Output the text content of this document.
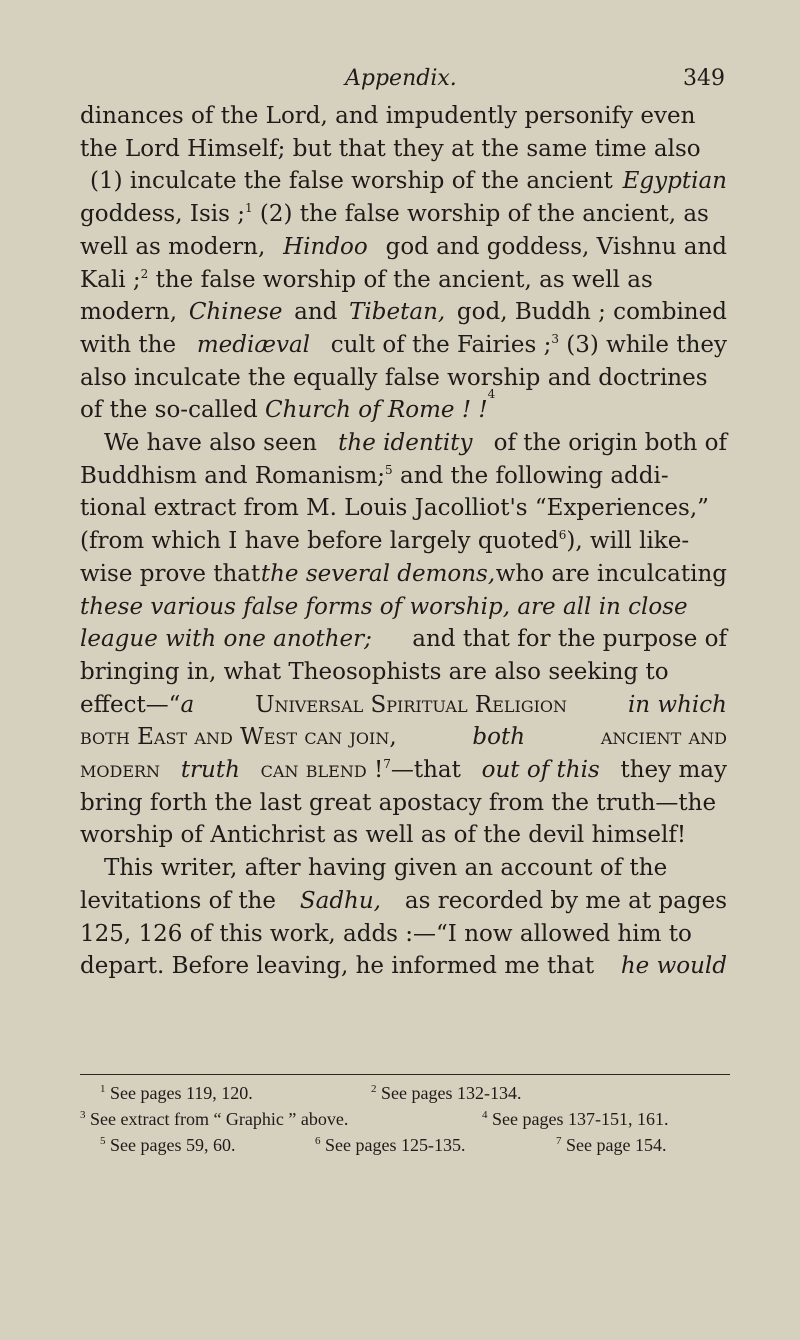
Appendix.	349
dinances of the Lord, and impudently personify even
the Lord Himself; but that they at the same time also
(1) inculcate the false worship of the ancient Egyptian
goddess, Isis ;$^1$ (2) the false worship of the ancient, as
well as modern, Hindoo god and goddess, Vishnu and
Kali ;$^2$ the false worship of the ancient, as well as
modern, Chinese and Tibetan, god, Buddh ; combined
with the mediæval cult of the Fairies ;$^3$ (3) while they
also inculcate the equally false worship and doctrines
of the so-called
Church of Rome ! !
4
We have also seen the identity of the origin both of
Buddhism and Romanism;$^5$ and the following addi-
tional extract from M. Louis Jacolliot's “Experiences,”
(from which I have before largely quoted$^6$), will like-
wise prove that the several demons, who are inculcating
these various false forms of worship, are all in close
league with one another; and that for the purpose of
bringing in, what Theosophists are also seeking to
effect—“a	Universal Spiritual Religion	in which
both East and West can join,	both	ancient and
modern truth can blend !$^7$—that out of this they may
bring forth the last great apostacy from the truth—the
worship of Antichrist as well as of the devil himself!
This writer, after having given an account of the
levitations of the Sadhu, as recorded by me at pages
125, 126 of this work, adds :—“I now allowed him to
depart. Before leaving, he informed me that he would
$^1$ See pages 119, 120.	$^2$ See pages 132-134.
$^3$ See extract from “ Graphic ” above.	$^4$ See pages 137-151, 161.
$^5$ See pages 59, 60.	$^6$ See pages 125-135.	$^7$ See page 154.
